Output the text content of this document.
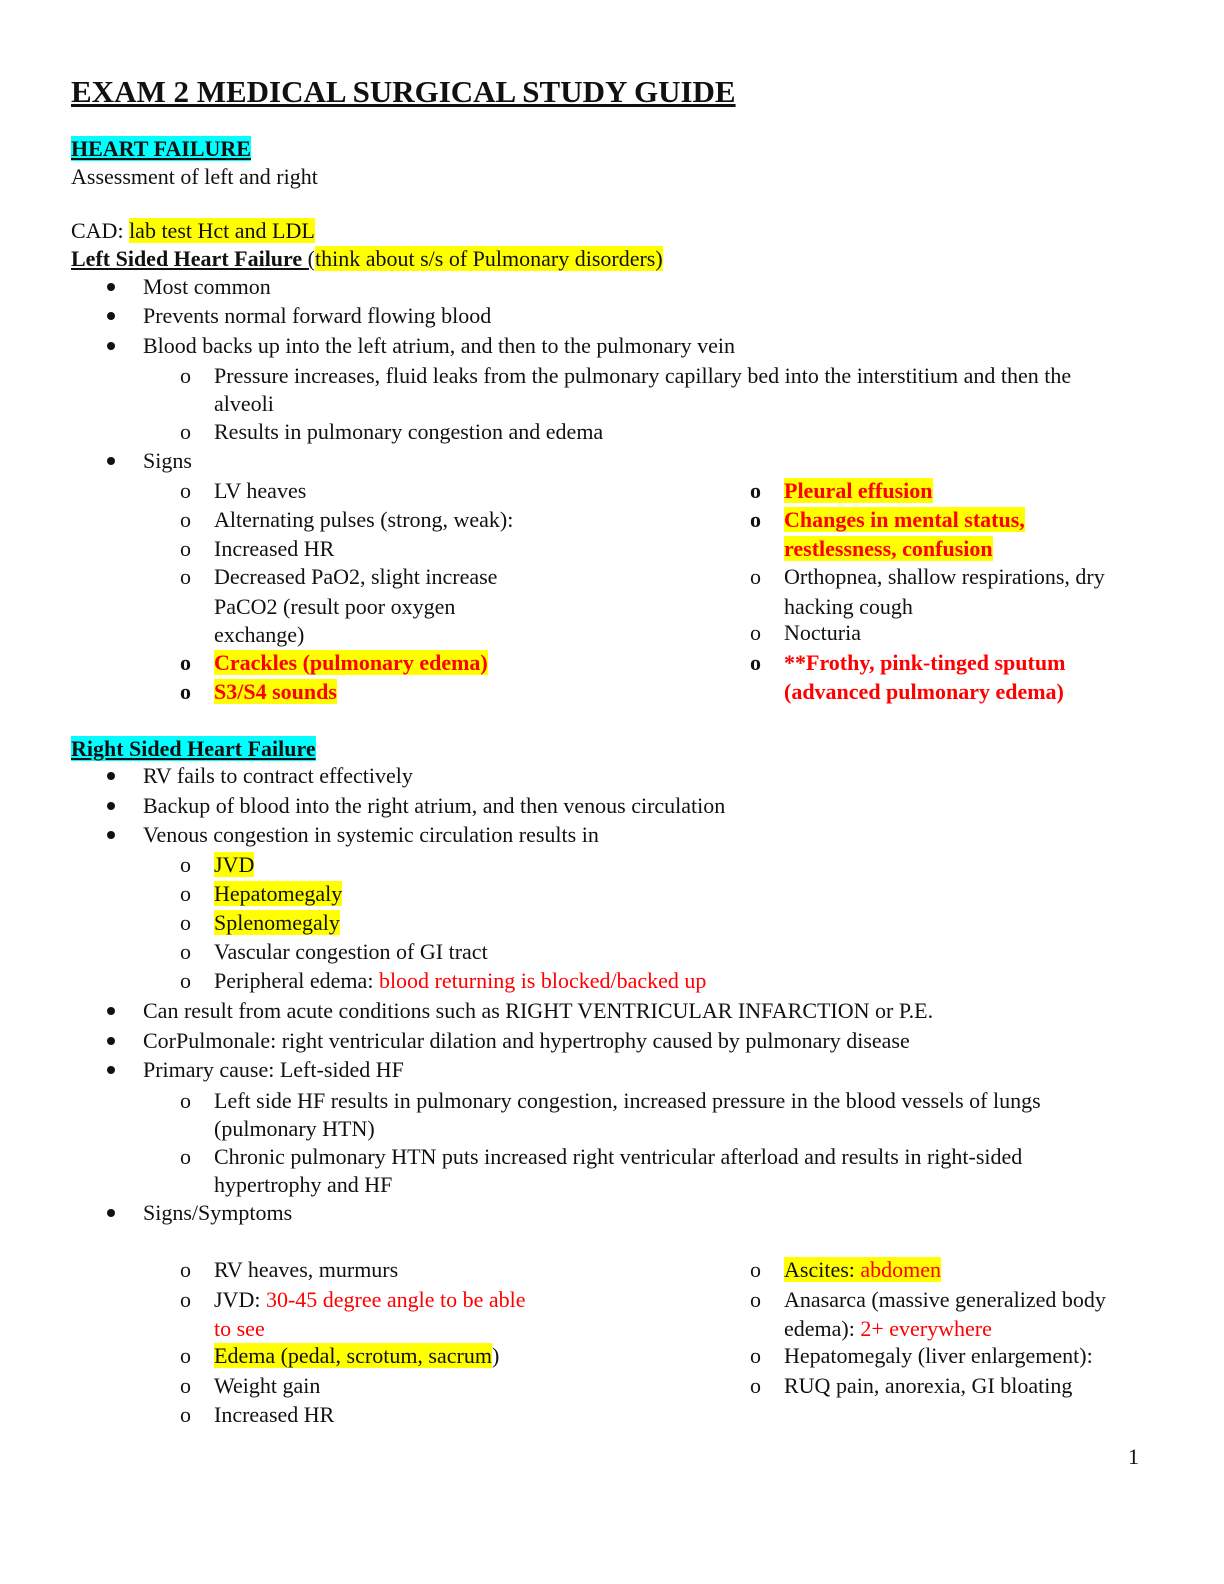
EXAM 2 MEDICAL SURGICAL STUDY GUIDE
HEART FAILURE
Assessment of left and right
CAD: lab test Hct and LDL
Left Sided Heart Failure (think about s/s of Pulmonary disorders)
Most common
Prevents normal forward flowing blood
Blood backs up into the left atrium, and then to the pulmonary vein
o Pressure increases, fluid leaks from the pulmonary capillary bed into the interstitium and then the
alveoli
o Results in pulmonary congestion and edema
Signs
o LV heaves
o Alternating pulses (strong, weak):
o Increased HR
o Decreased PaO2, slight increase
PaCO2 (result poor oxygen
exchange)
o Crackles (pulmonary edema)
o S3/S4 sounds
o Pleural effusion
o Changes in mental status,
restlessness, confusion
o Orthopnea, shallow respirations, dry
hacking cough
o Nocturia
o **Frothy, pink-tinged sputum
(advanced pulmonary edema)
Right Sided Heart Failure
RV fails to contract effectively
Backup of blood into the right atrium, and then venous circulation
Venous congestion in systemic circulation results in
o JVD
o Hepatomegaly
o Splenomegaly
o Vascular congestion of GI tract
o Peripheral edema: blood returning is blocked/backed up
Can result from acute conditions such as RIGHT VENTRICULAR INFARCTION or P.E.
CorPulmonale: right ventricular dilation and hypertrophy caused by pulmonary disease
Primary cause: Left-sided HF
o Left side HF results in pulmonary congestion, increased pressure in the blood vessels of lungs
(pulmonary HTN)
o Chronic pulmonary HTN puts increased right ventricular afterload and results in right-sided
hypertrophy and HF
Signs/Symptoms
o RV heaves, murmurs
o JVD: 30-45 degree angle to be able
to see
o Edema (pedal, scrotum, sacrum)
o Weight gain
o Increased HR
o Ascites: abdomen
o Anasarca (massive generalized body
edema): 2+ everywhere
o Hepatomegaly (liver enlargement):
o RUQ pain, anorexia, GI bloating
1
